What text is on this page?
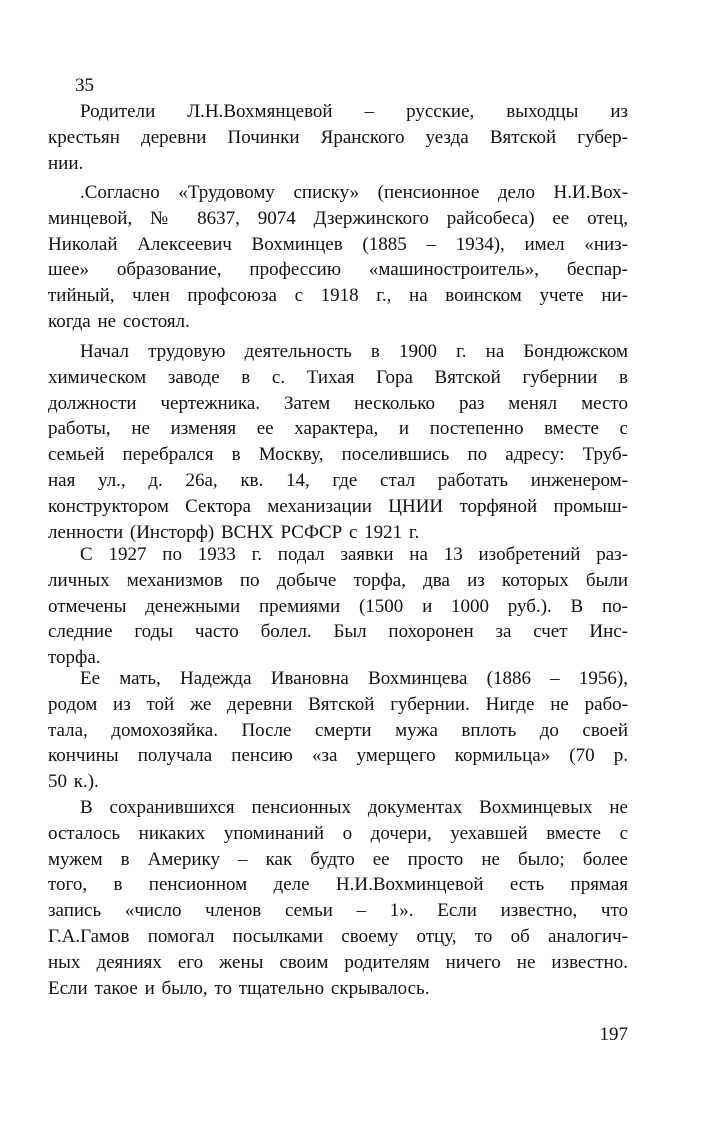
35
Родители Л.Н.Вохмянцевой – русские, выходцы из
крестьян деревни Починки Яранского уезда Вятской губер-
нии.
.Согласно «Трудовому списку» (пенсионное дело Н.И.Вох-
минцевой, № 8637, 9074 Дзержинского райсобеса) ее отец,
Николай Алексеевич Вохминцев (1885 – 1934), имел «низ-
шее» образование, профессию «машиностроитель», беспар-
тийный, член профсоюза с 1918 г., на воинском учете ни-
когда не состоял.
Начал трудовую деятельность в 1900 г. на Бондюжском
химическом заводе в с. Тихая Гора Вятской губернии в
должности чертежника. Затем несколько раз менял место
работы, не изменяя ее характера, и постепенно вместе с
семьей перебрался в Москву, поселившись по адресу: Труб-
ная ул., д. 26а, кв. 14, где стал работать инженером-
конструктором Сектора механизации ЦНИИ торфяной промыш-
ленности (Инсторф) ВСНХ РСФСР с 1921 г.
С 1927 по 1933 г. подал заявки на 13 изобретений раз-
личных механизмов по добыче торфа, два из которых были
отмечены денежными премиями (1500 и 1000 руб.). В по-
следние годы часто болел. Был похоронен за счет Инс-
торфа.
Ее мать, Надежда Ивановна Вохминцева (1886 – 1956),
родом из той же деревни Вятской губернии. Нигде не рабо-
тала, домохозяйка. После смерти мужа вплоть до своей
кончины получала пенсию «за умерщего кормильца» (70 р.
50 к.).
В сохранившихся пенсионных документах Вохминцевых не
осталось никаких упоминаний о дочери, уехавшей вместе с
мужем в Америку – как будто ее просто не было; более
того, в пенсионном деле Н.И.Вохминцевой есть прямая
запись «число членов семьи – 1». Если известно, что
Г.А.Гамов помогал посылками своему отцу, то об аналогич-
ных деяниях его жены своим родителям ничего не известно.
Если такое и было, то тщательно скрывалось.
197
